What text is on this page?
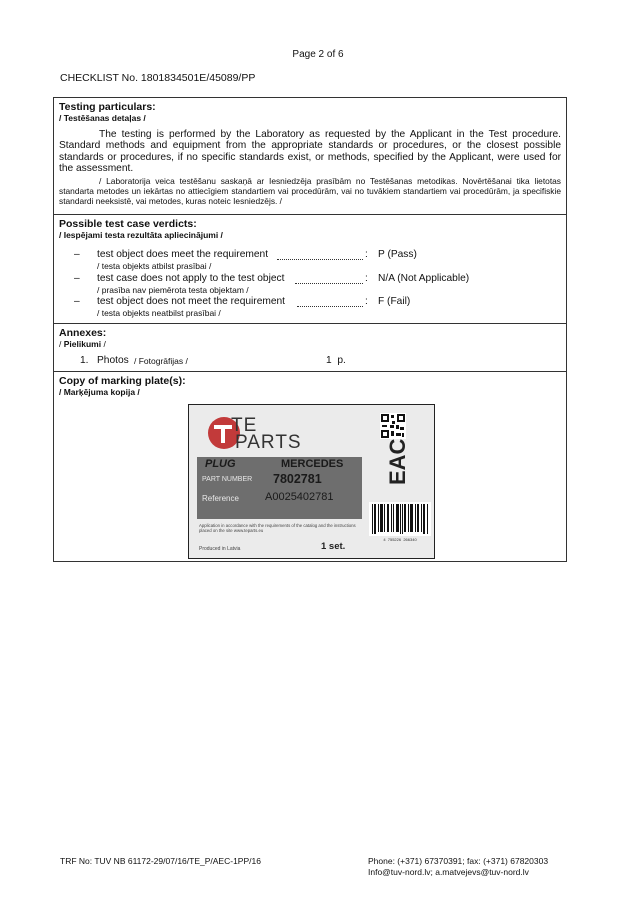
Page 2 of 6
CHECKLIST No. 1801834501E/45089/PP
Testing particulars:
/ Testēšanas detaļas /
The testing is performed by the Laboratory as requested by the Applicant in the Test procedure. Standard methods and equipment from the appropriate standards or procedures, or the closest possible standards or procedures, if no specific standards exist, or methods, specified by the Applicant, were used for the assessment.
/ Laboratorija veica testēšanu saskaņā ar Iesniedzēja prasībām no Testēšanas metodikas. Novērtēšanai tika lietotas standarta metodes un iekārtas no attiecīgiem standartiem vai procedūrām, vai no tuvākiem standartiem vai procedūrām, ja specifiskie standardi neeksistē, vai metodes, kuras noteic Iesniedzējs. /
Possible test case verdicts:
/ Iespējami testa rezultāta apliecinājumi /
– test object does meet the requirement	: P (Pass)
/ testa objekts atbilst prasībai /
– test case does not apply to the test object	: N/A (Not Applicable)
/ prasība nav piemērota testa objektam /
– test object does not meet the requirement	: F (Fail)
/ testa objekts neatbilst prasībai /
Annexes:
/ Pielikumi /
1. Photos / Fotogrāfijas /	1  p.
Copy of marking plate(s):
/ Marķējuma kopija /
TE
PARTS
PLUG	MERCEDES
PART NUMBER 7802781
Reference A0025402781
Application in accordance with the requirements of the catalog and the instructions placed on the site www.teparts.eu
Produced in Latvia	1 set.
EAC
4  755226  266340
TRF No: TUV NB 61172-29/07/16/TE_P/AEC-1PP/16	Phone: (+371) 67370391; fax: (+371) 67820303
Info@tuv-nord.lv; a.matvejevs@tuv-nord.lv
